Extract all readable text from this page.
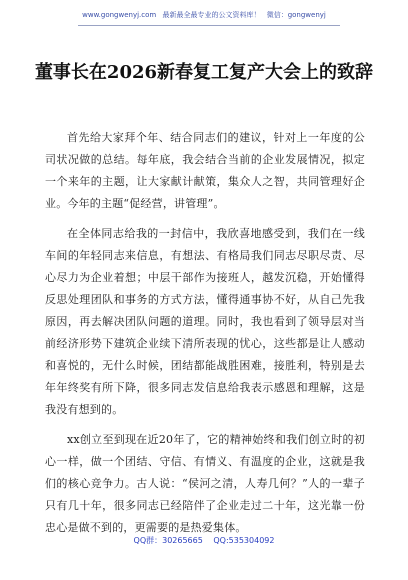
www.gongwenyj.com 最新最全最专业的公文资料库！ 微信：gongwenyj
董事长在2026新春复工复产大会上的致辞

首先给大家拜个年、结合同志们的建议，针对上一年度的公司状况做的总结。每年底，我会结合当前的企业发展情况，拟定一个来年的主题，让大家献计献策，集众人之智，共同管理好企业。今年的主题“促经营，讲管理”。

在全体同志给我的一封信中，我欣喜地感受到，我们在一线车间的年轻同志来信息，有想法、有格局我们同志尽职尽责、尽心尽力为企业着想；中层干部作为接班人，越发沉稳，开始懂得反思处理团队和事务的方式方法，懂得通事协不好，从自己先我原因，再去解决团队问题的道理。同时，我也看到了领导层对当前经济形势下建筑企业续下清所表现的忧心，这些都是让人感动和喜悦的，无什么时候，团结都能战胜困难，接胜利，特别是去年年终奖有所下降，很多同志发信息给我表示感恩和理解，这是我没有想到的。

xx创立至到现在近20年了，它的精神始终和我们创立时的初心一样，做一个团结、守信、有情义、有温度的企业，这就是我们的核心竞争力。古人说：“侯河之清，人寿几何？”人的一辈子只有几十年，很多同志已经陪伴了企业走过二十年，这光靠一份忠心是做不到的，更需要的是热爱集体。

QQ群：30265665 QQ:535304092
